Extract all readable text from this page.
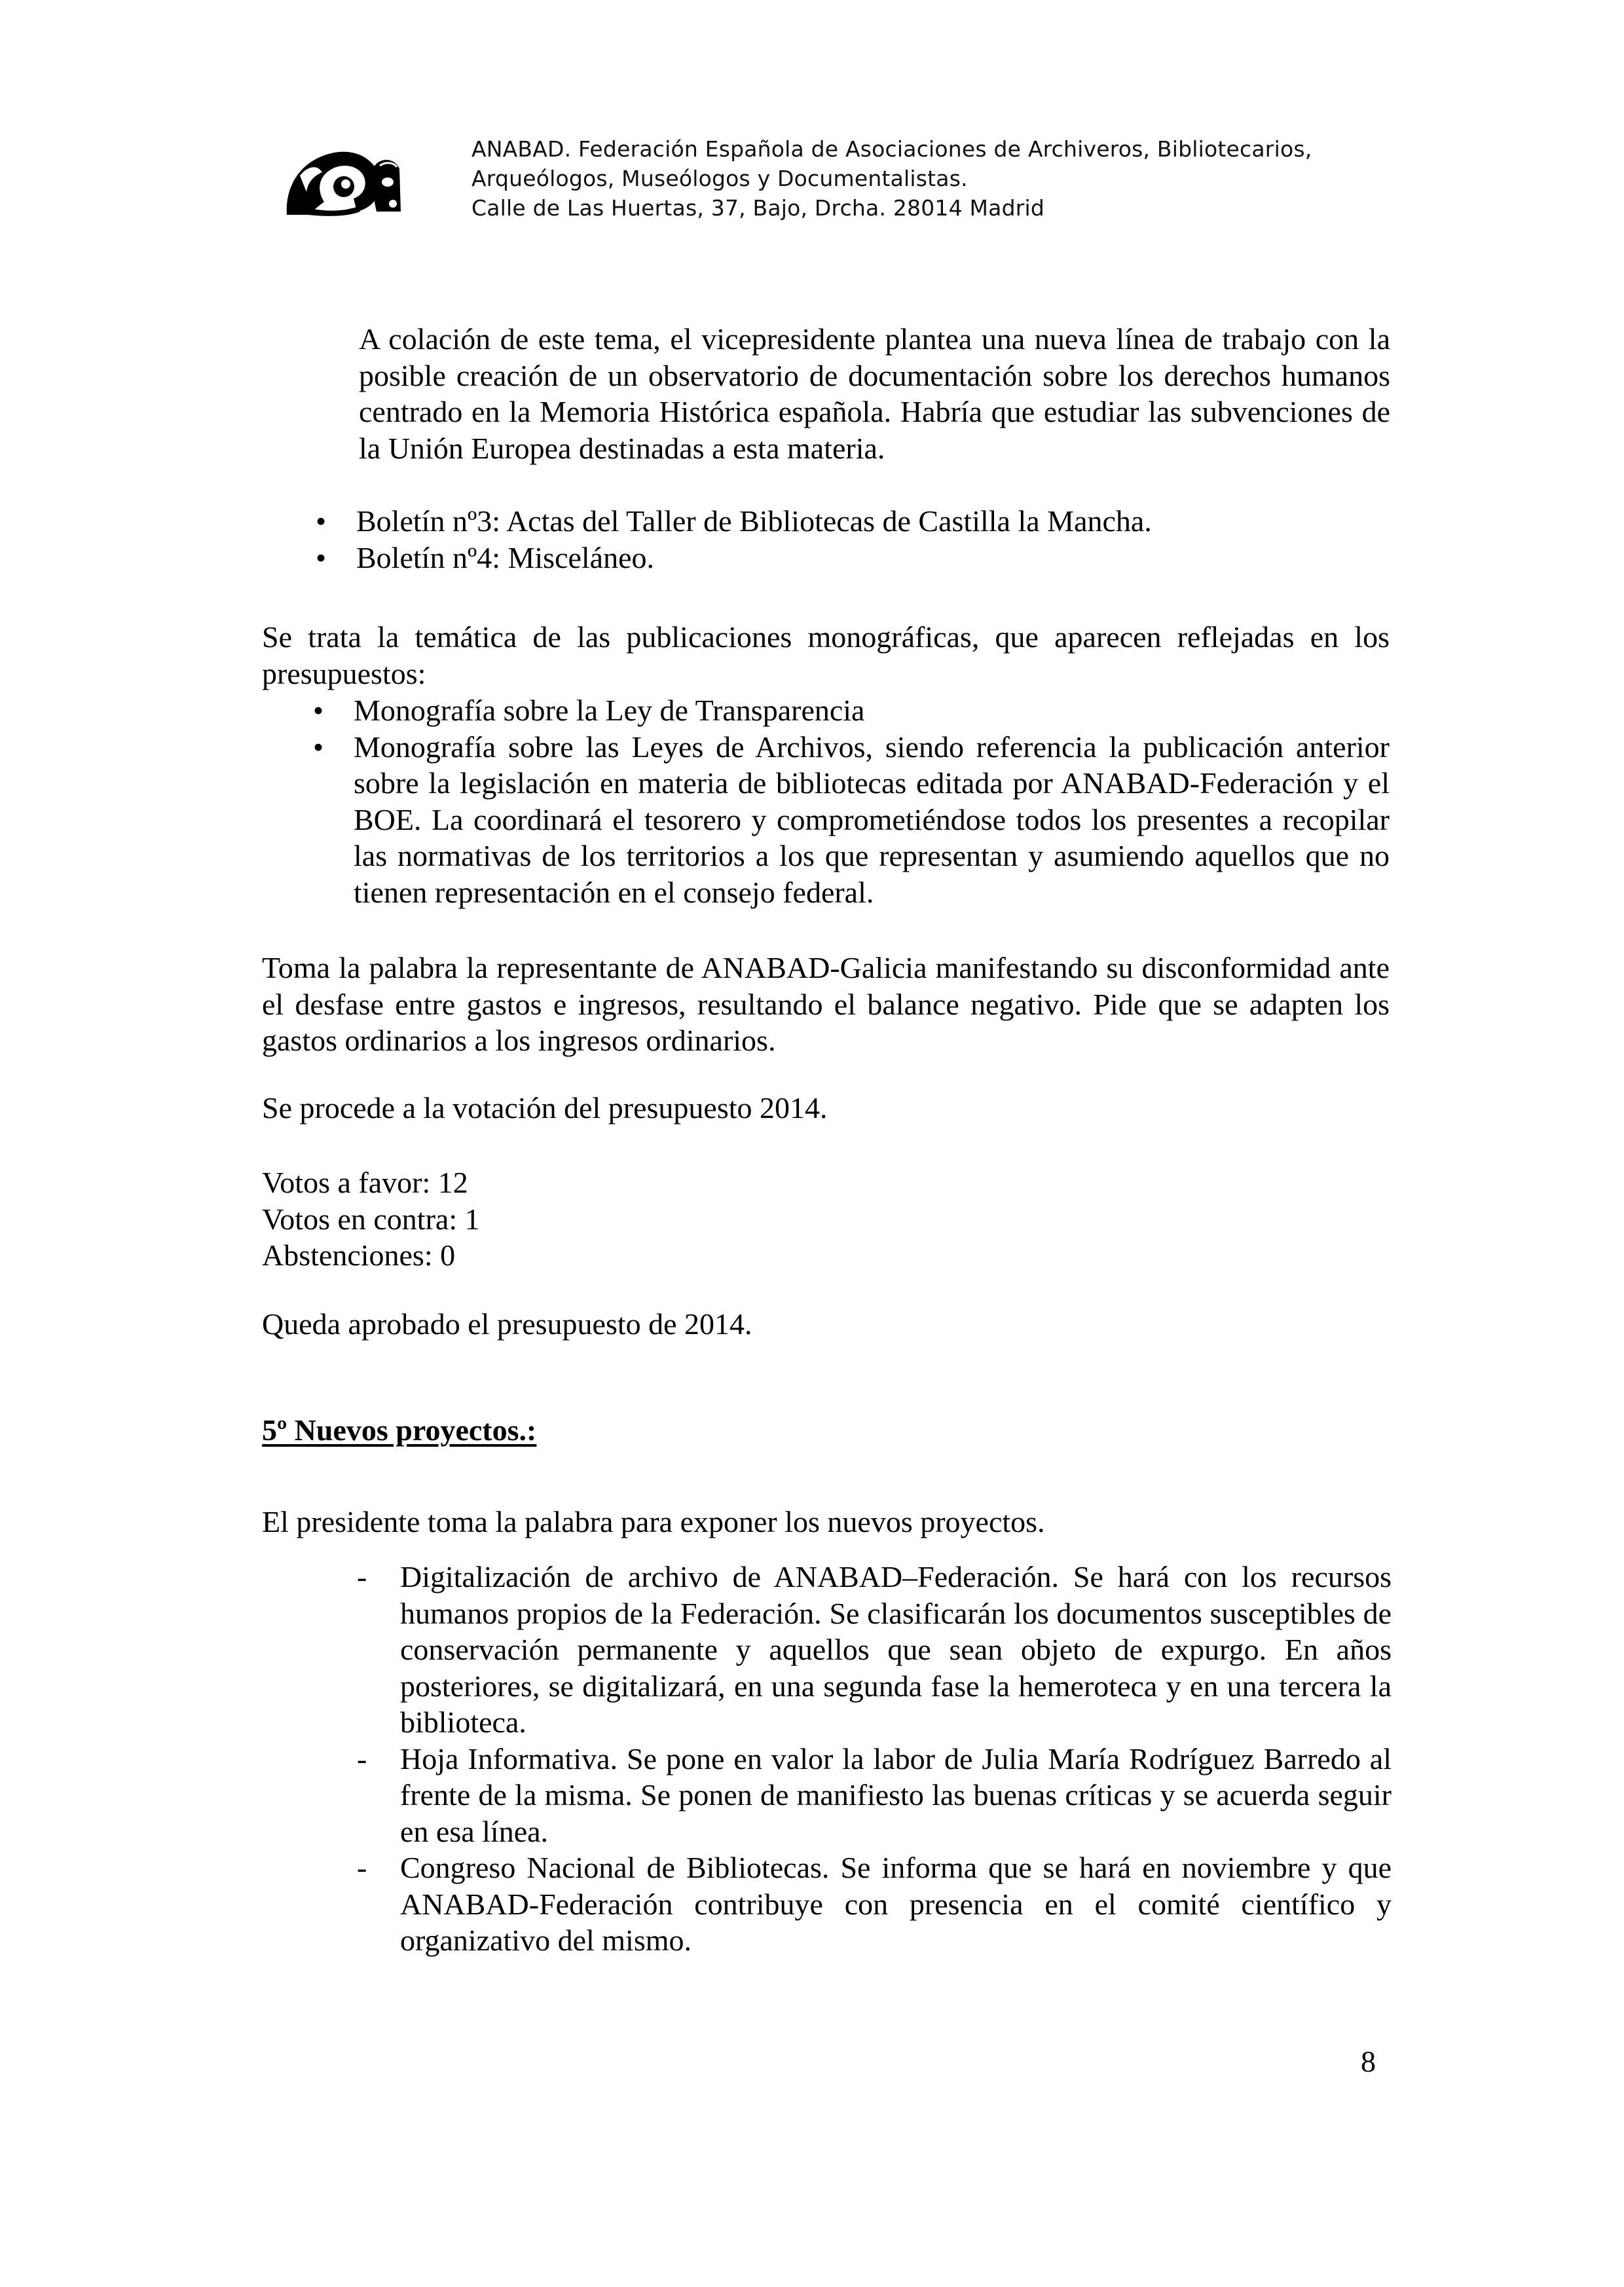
ANABAD. Federación Española de Asociaciones de Archiveros, Bibliotecarios,
Arqueólogos, Museólogos y Documentalistas.
Calle de Las Huertas, 37, Bajo, Drcha. 28014 Madrid

A colación de este tema, el vicepresidente plantea una nueva línea de trabajo con la posible creación de un observatorio de documentación sobre los derechos humanos centrado en la Memoria Histórica española. Habría que estudiar las subvenciones de la Unión Europea destinadas a esta materia.

• Boletín nº3: Actas del Taller de Bibliotecas de Castilla la Mancha.
• Boletín nº4: Misceláneo.

Se trata la temática de las publicaciones monográficas, que aparecen reflejadas en los presupuestos:

• Monografía sobre la Ley de Transparencia
• Monografía sobre las Leyes de Archivos, siendo referencia la publicación anterior sobre la legislación en materia de bibliotecas editada por ANABAD-Federación y el BOE. La coordinará el tesorero y comprometiéndose todos los presentes a recopilar las normativas de los territorios a los que representan y asumiendo aquellos que no tienen representación en el consejo federal.

Toma la palabra la representante de ANABAD-Galicia manifestando su disconformidad ante el desfase entre gastos e ingresos, resultando el balance negativo. Pide que se adapten los gastos ordinarios a los ingresos ordinarios.

Se procede a la votación del presupuesto 2014.

Votos a favor: 12
Votos en contra: 1
Abstenciones: 0

Queda aprobado el presupuesto de 2014.

5º Nuevos proyectos.:

El presidente toma la palabra para exponer los nuevos proyectos.

- Digitalización de archivo de ANABAD–Federación. Se hará con los recursos humanos propios de la Federación. Se clasificarán los documentos susceptibles de conservación permanente y aquellos que sean objeto de expurgo. En años posteriores, se digitalizará, en una segunda fase la hemeroteca y en una tercera la biblioteca.
- Hoja Informativa. Se pone en valor la labor de Julia María Rodríguez Barredo al frente de la misma. Se ponen de manifiesto las buenas críticas y se acuerda seguir en esa línea.
- Congreso Nacional de Bibliotecas. Se informa que se hará en noviembre y que ANABAD-Federación contribuye con presencia en el comité científico y organizativo del mismo.
8
